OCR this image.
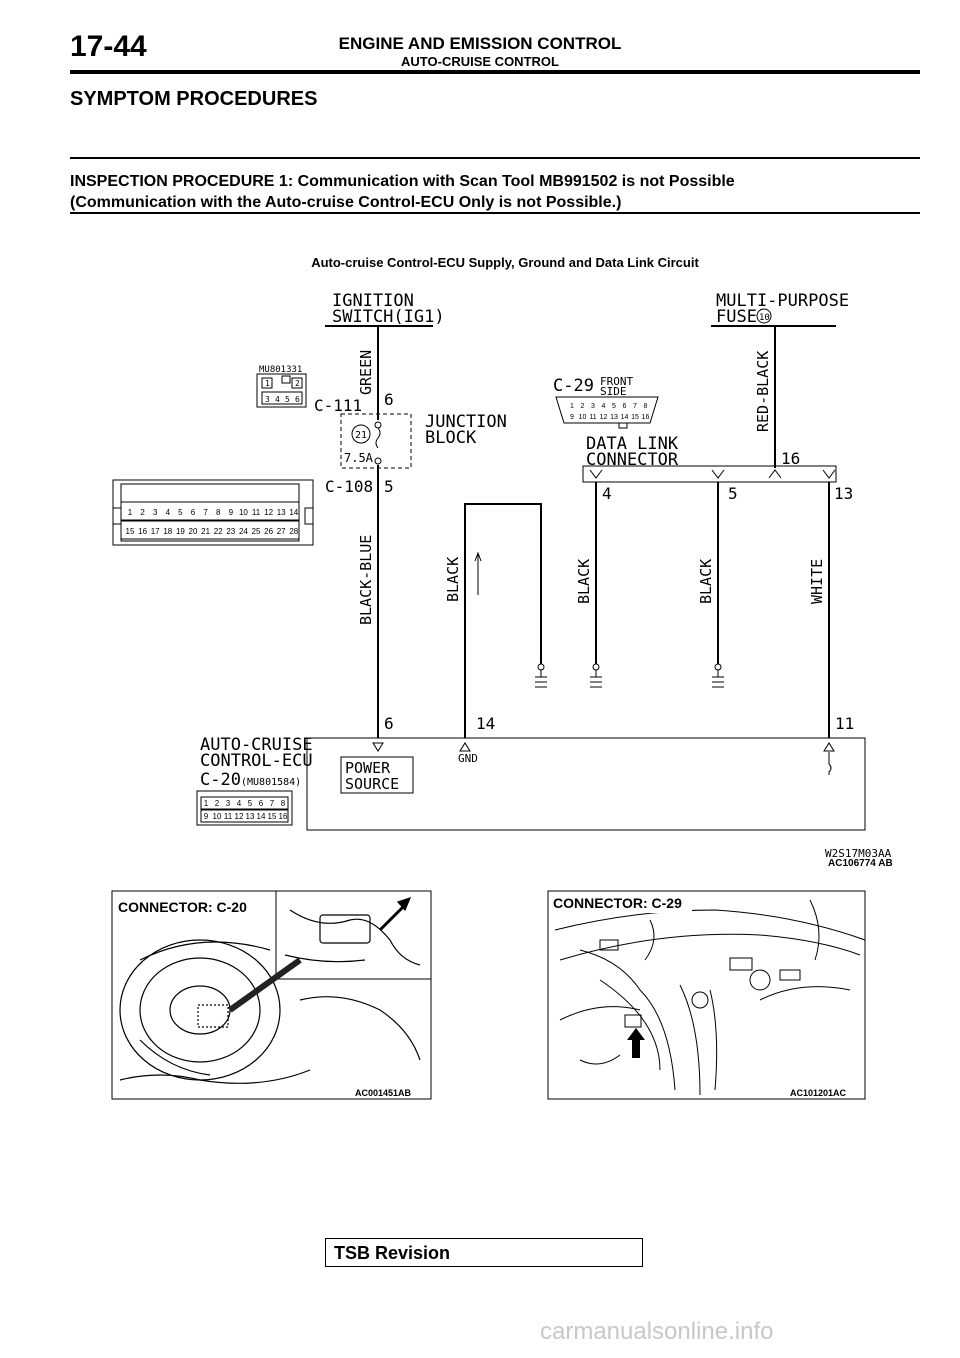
17-44	ENGINE AND EMISSION CONTROL
AUTO-CRUISE CONTROL
SYMPTOM PROCEDURES
INSPECTION PROCEDURE 1: Communication with Scan Tool MB991502 is not Possible
(Communication with the Auto-cruise Control-ECU Only is not Possible.)
Auto-cruise Control-ECU Supply, Ground and Data Link Circuit
IGNITION
SWITCH(IG1)
MULTI-PURPOSE
FUSE 10
GREEN
C-111 6
MU801331
1	2
3 4 5 6
21
7.5A
JUNCTION
BLOCK
C-108 5
1 2 3 4 5 6 7 8 9 10 11 12 13 14
15 16 17 18 19 20 21 22 23 24 25 26 27 28
BLACK-BLUE
C-29 FRONT
SIDE
1 2 3 4 5 6 7 8
9 10 11 12 13 14 15 16
DATA LINK
CONNECTOR
RED-BLACK
16
4	5	13
BLACK	BLACK	WHITE
BLACK
6	14	11
GND
POWER
SOURCE
AUTO-CRUISE
CONTROL-ECU
C-20 (MU801584)
1 2 3 4 5 6 7 8
9 10 11 12 13 14 15 16
W2S17M03AA
AC106774 AB
CONNECTOR: C-20
AC001451AB
CONNECTOR: C-29
AC101201AC
TSB Revision
carmanualsonline.info
